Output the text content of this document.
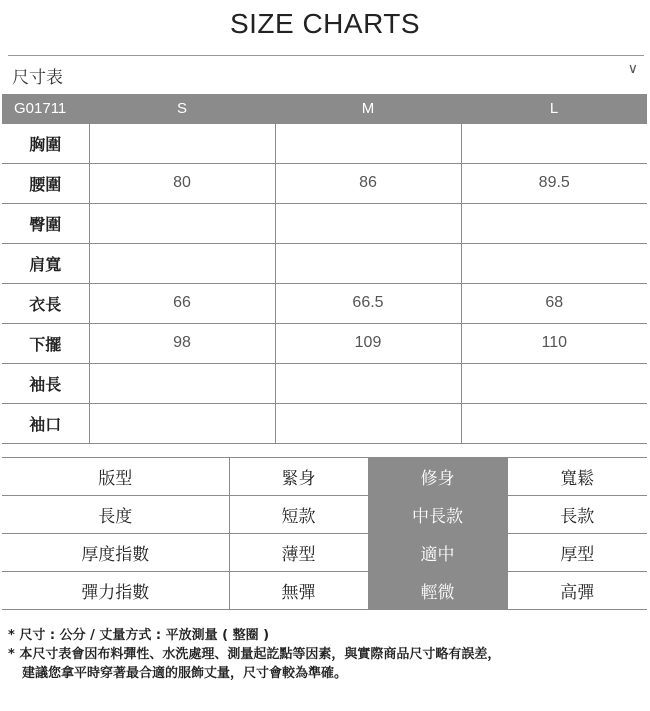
SIZE CHARTS
尺寸表	∨
G01711	S	M	L
胸圍			
腰圍	80	86	89.5
臀圍			
肩寬			
衣長	66	66.5	68
下擺	98	109	110
袖長			
袖口			
版型	緊身	修身	寬鬆
長度	短款	中長款	長款
厚度指數	薄型	適中	厚型
彈力指數	無彈	輕微	高彈
* 尺寸 : 公分 / 丈量方式 : 平放測量 ( 整圈 )
* 本尺寸表會因布料彈性、水洗處理、測量起訖點等因素，與實際商品尺寸略有誤差，
建議您拿平時穿著最合適的服飾丈量，尺寸會較為準確。
